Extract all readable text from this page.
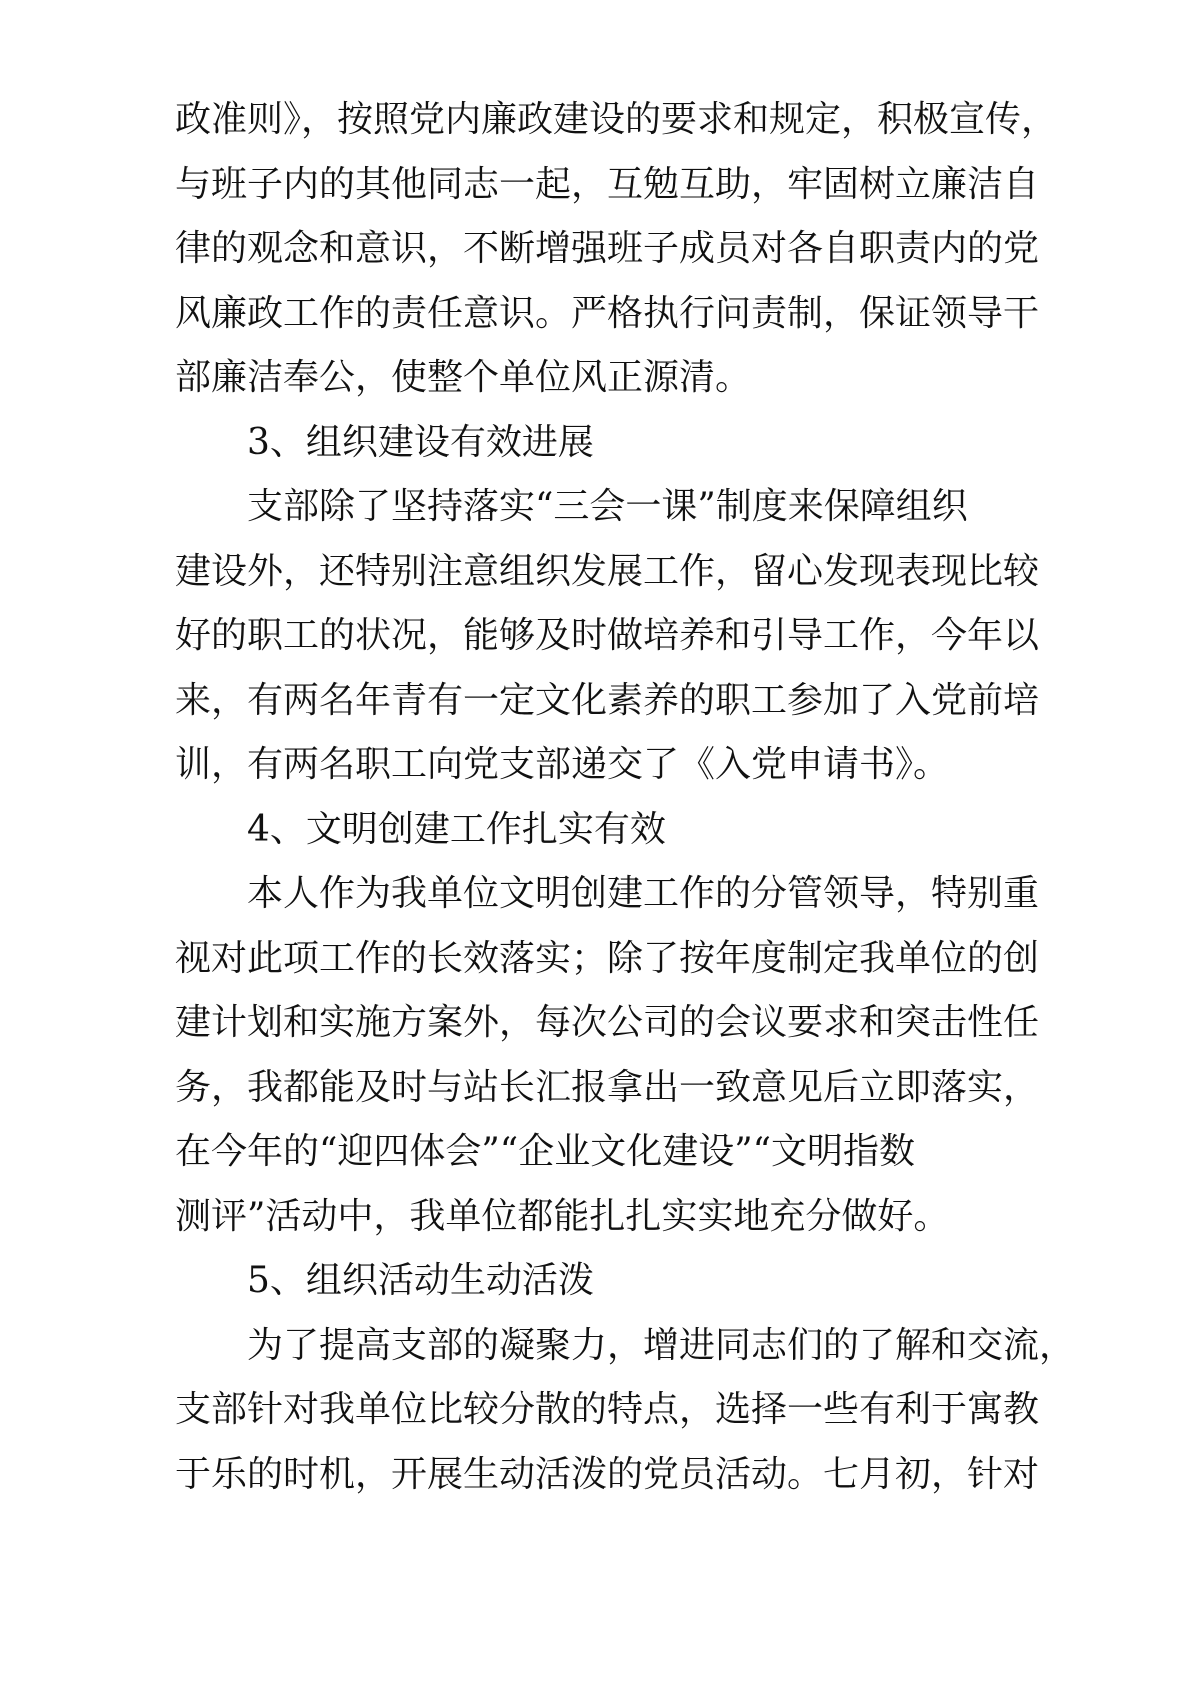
政准则》，按照党内廉政建设的要求和规定，积极宣传，
与班子内的其他同志一起，互勉互助，牢固树立廉洁自
律的观念和意识，不断增强班子成员对各自职责内的党
风廉政工作的责任意识。严格执行问责制，保证领导干
部廉洁奉公，使整个单位风正源清。
3、组织建设有效进展
支部除了坚持落实“三会一课”制度来保障组织
建设外，还特别注意组织发展工作，留心发现表现比较
好的职工的状况，能够及时做培养和引导工作，今年以
来，有两名年青有一定文化素养的职工参加了入党前培
训，有两名职工向党支部递交了《入党申请书》。
4、文明创建工作扎实有效
本人作为我单位文明创建工作的分管领导，特别重
视对此项工作的长效落实；除了按年度制定我单位的创
建计划和实施方案外，每次公司的会议要求和突击性任
务，我都能及时与站长汇报拿出一致意见后立即落实，
在今年的“迎四体会”“企业文化建设”“文明指数
测评”活动中，我单位都能扎扎实实地充分做好。
5、组织活动生动活泼
为了提高支部的凝聚力，增进同志们的了解和交流，
支部针对我单位比较分散的特点，选择一些有利于寓教
于乐的时机，开展生动活泼的党员活动。七月初，针对
